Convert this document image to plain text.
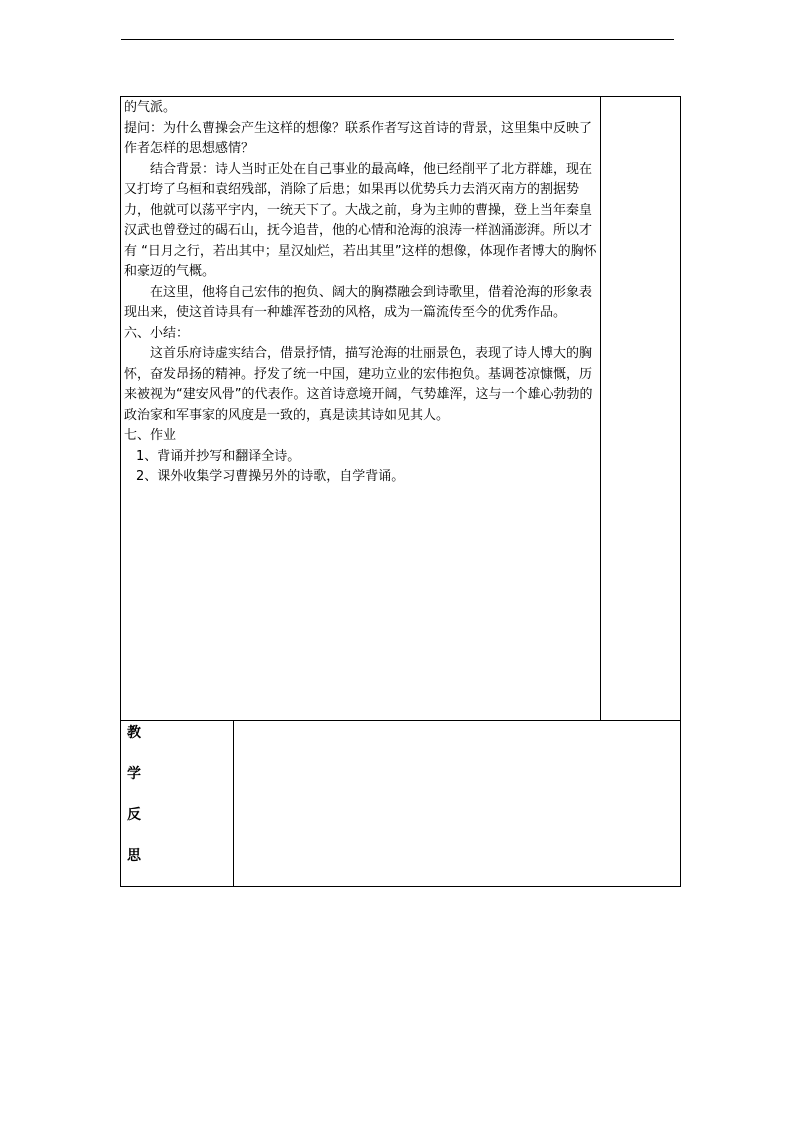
的气派。

提问：为什么曹操会产生这样的想像？联系作者写这首诗的背景，这里集中反映了作者怎样的思想感情？

结合背景：诗人当时正处在自己事业的最高峰，他已经削平了北方群雄，现在又打垮了乌桓和袁绍残部，消除了后患；如果再以优势兵力去消灭南方的割据势力，他就可以荡平宇内，一统天下了。大战之前，身为主帅的曹操，登上当年秦皇汉武也曾登过的碣石山，抚今追昔，他的心情和沧海的浪涛一样汹涌澎湃。所以才有 “日月之行，若出其中；星汉灿烂，若出其里”这样的想像，体现作者博大的胸怀和豪迈的气概。

在这里，他将自己宏伟的抱负、阔大的胸襟融会到诗歌里，借着沧海的形象表现出来，使这首诗具有一种雄浑苍劲的风格，成为一篇流传至今的优秀作品。

六、小结：

这首乐府诗虚实结合，借景抒情，描写沧海的壮丽景色，表现了诗人博大的胸怀，奋发昂扬的精神。抒发了统一中国，建功立业的宏伟抱负。基调苍凉慷慨，历来被视为“建安风骨”的代表作。这首诗意境开阔，气势雄浑，这与一个雄心勃勃的政治家和军事家的风度是一致的，真是读其诗如见其人。

七、作业

1、背诵并抄写和翻译全诗。

2、课外收集学习曹操另外的诗歌，自学背诵。

教
学
反
思
